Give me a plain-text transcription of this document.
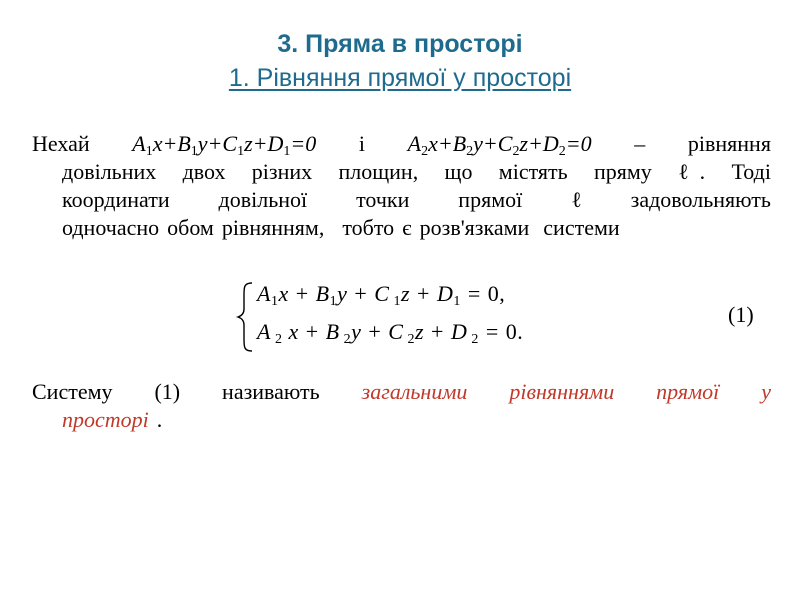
3. Пряма в просторі
1. Рівняння прямої у просторі
Нехай $A_1x+B_1y+C_1z+D_1=0$ і $A_2x+B_2y+C_2z+D_2=0$ – рівняння
довільних двох різних площин, що містять пряму ℓ . Тоді
координати довільної точки прямої ℓ задовольняють
одночасно обом рівнянням, тобто є розв'язками системи
$A_1x + B_1y + C$ $_1z + D_1 = 0$,
A $_2$ x + B $_2$y + C $_2$z + D $_2$ = 0.
(1)
Систему (1) називають загальними рівняннями прямої у
просторі .
